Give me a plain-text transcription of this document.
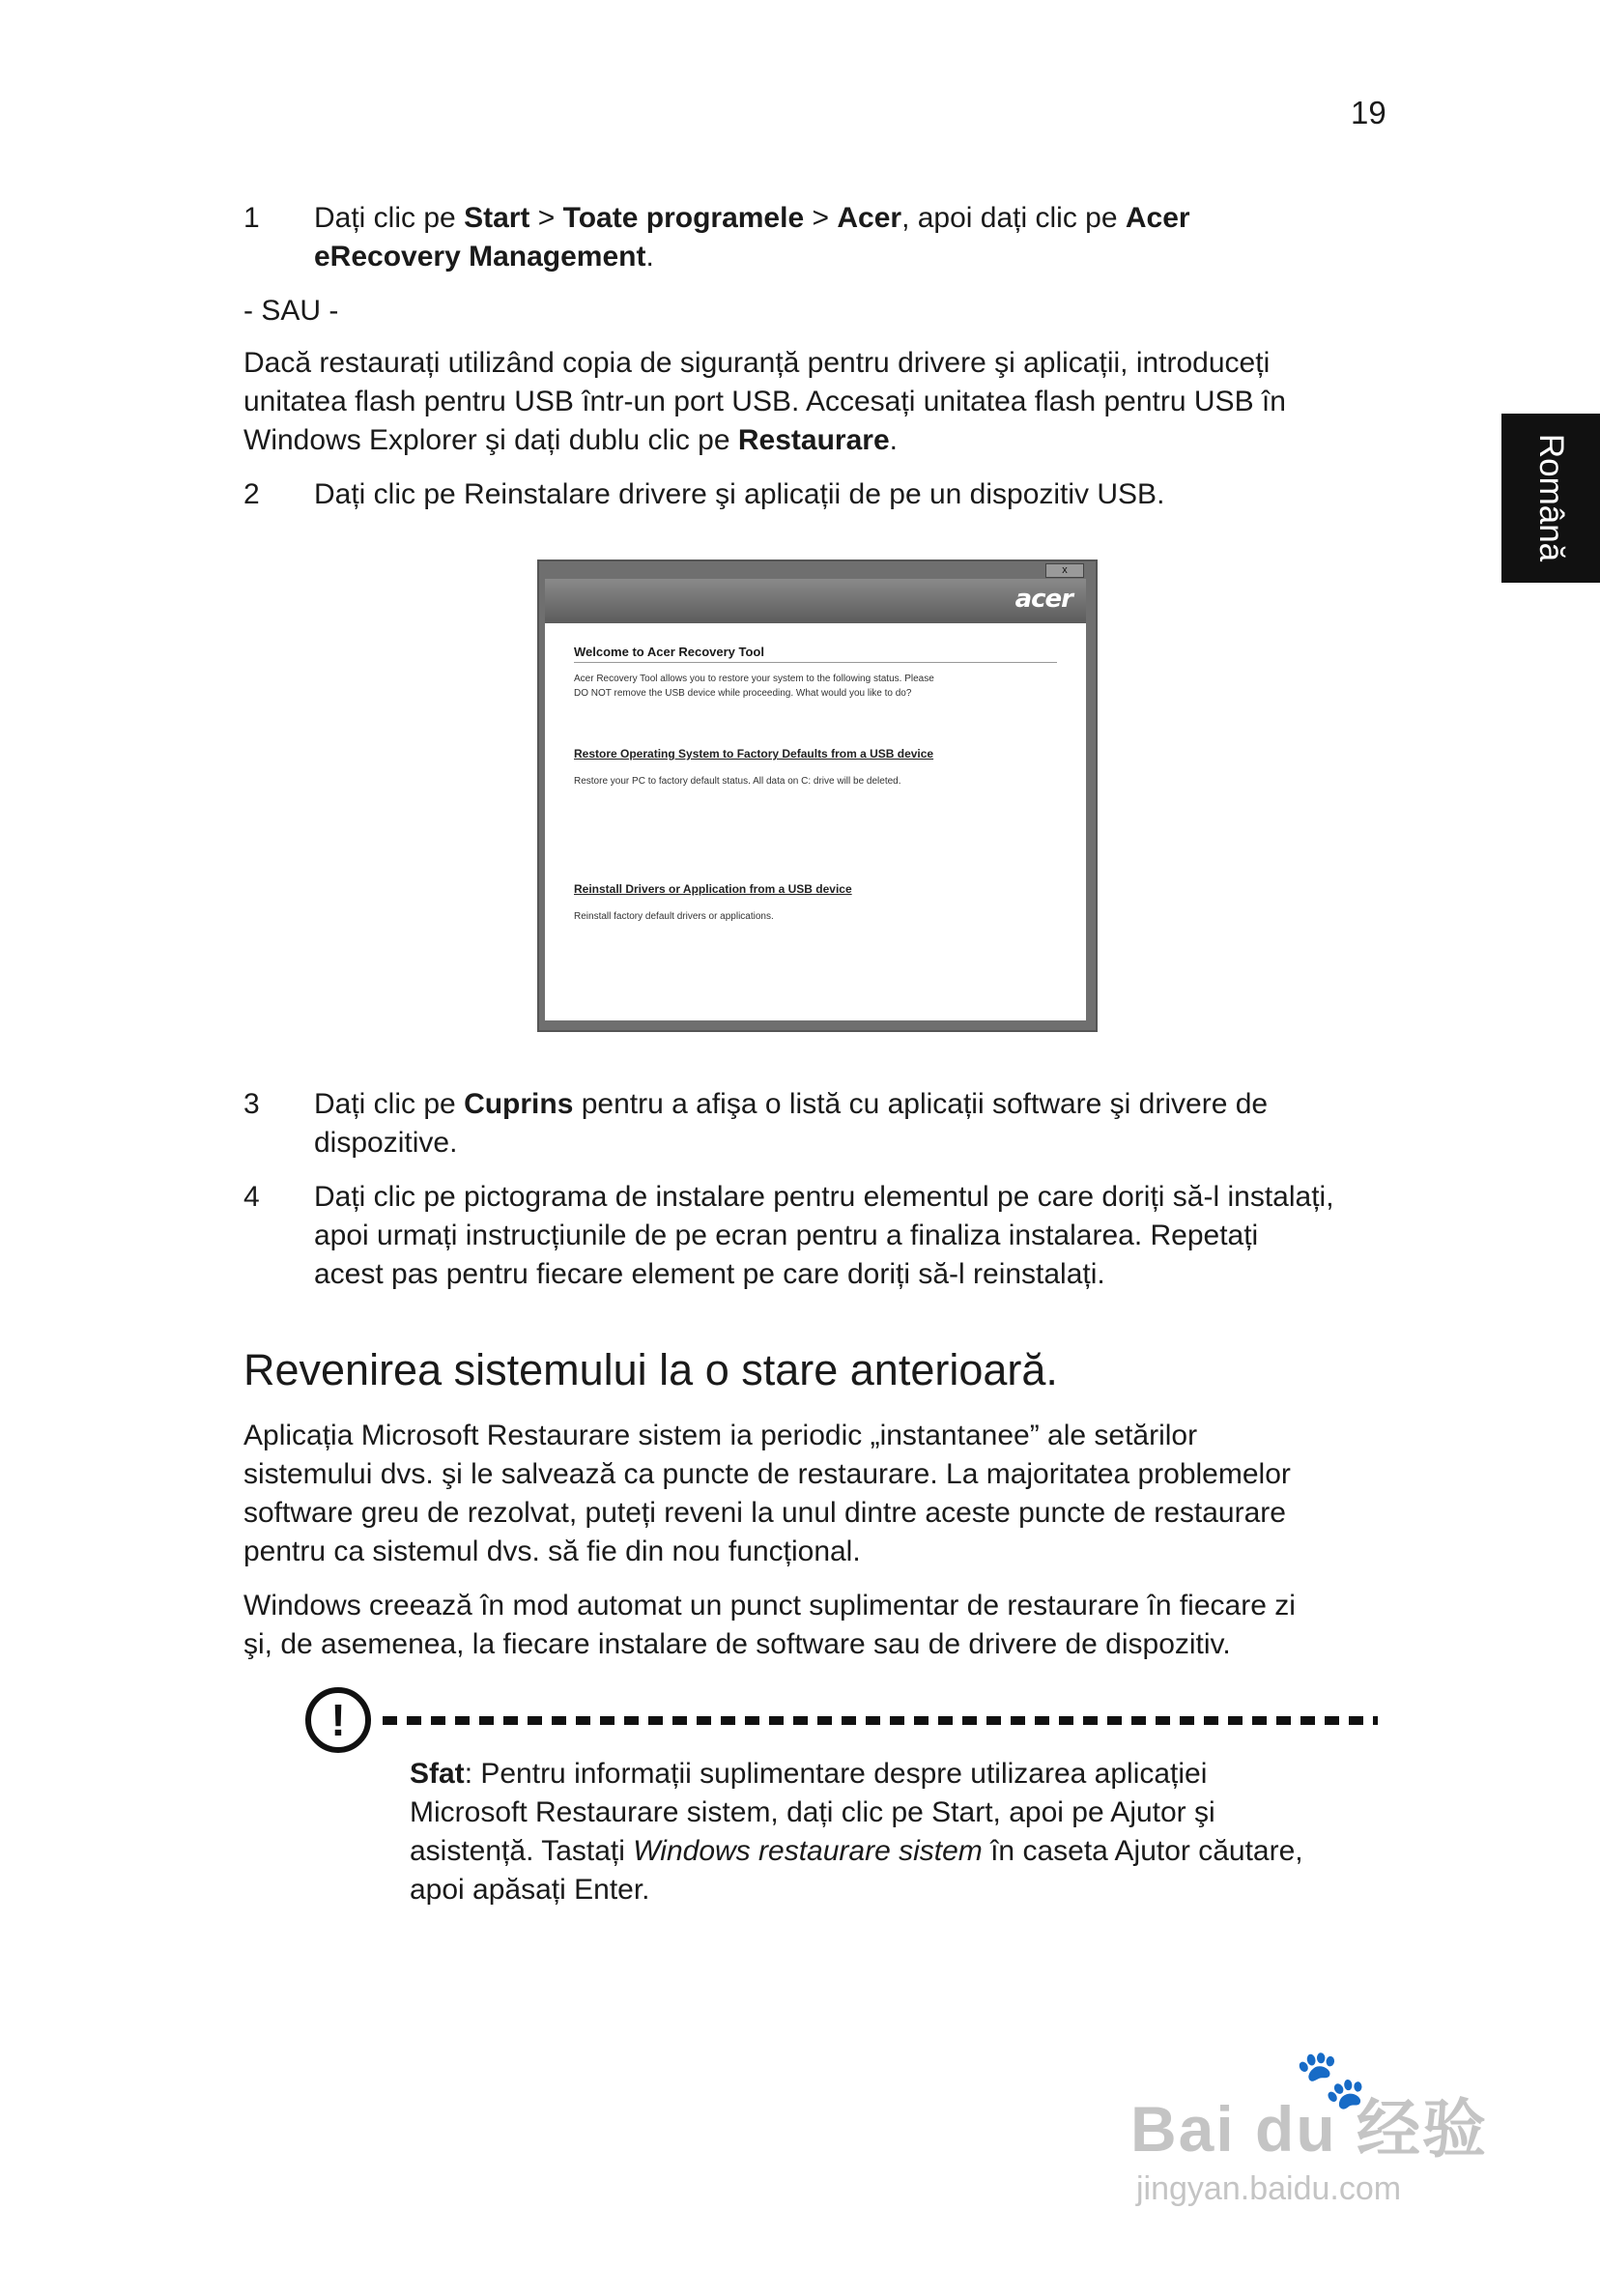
19
Română
1 Dați clic pe Start > Toate programele > Acer, apoi dați clic pe Acer
eRecovery Management.
- SAU -
Dacă restaurați utilizând copia de siguranță pentru drivere şi aplicații, introduceți
unitatea flash pentru USB într-un port USB. Accesați unitatea flash pentru USB în
Windows Explorer şi dați dublu clic pe Restaurare.
2 Dați clic pe Reinstalare drivere şi aplicații de pe un dispozitiv USB.
x
acer
Welcome to Acer Recovery Tool
Acer Recovery Tool allows you to restore your system to the following status. Please
DO NOT remove the USB device while proceeding. What would you like to do?
Restore Operating System to Factory Defaults from a USB device
Restore your PC to factory default status. All data on C: drive will be deleted.
Reinstall Drivers or Application from a USB device
Reinstall factory default drivers or applications.
3 Dați clic pe Cuprins pentru a afişa o listă cu aplicații software şi drivere de
dispozitive.
4 Dați clic pe pictograma de instalare pentru elementul pe care doriți să-l instalați,
apoi urmați instrucțiunile de pe ecran pentru a finaliza instalarea. Repetați
acest pas pentru fiecare element pe care doriți să-l reinstalați.
Revenirea sistemului la o stare anterioară.
Aplicația Microsoft Restaurare sistem ia periodic „instantanee” ale setărilor
sistemului dvs. şi le salvează ca puncte de restaurare. La majoritatea problemelor
software greu de rezolvat, puteți reveni la unul dintre aceste puncte de restaurare
pentru ca sistemul dvs. să fie din nou funcțional.
Windows creează în mod automat un punct suplimentar de restaurare în fiecare zi
şi, de asemenea, la fiecare instalare de software sau de drivere de dispozitiv.
!
Sfat: Pentru informații suplimentare despre utilizarea aplicației
Microsoft Restaurare sistem, dați clic pe Start, apoi pe Ajutor şi
asistență. Tastați Windows restaurare sistem în caseta Ajutor căutare,
apoi apăsați Enter.
🐾
Bai du 经验
jingyan.baidu.com
